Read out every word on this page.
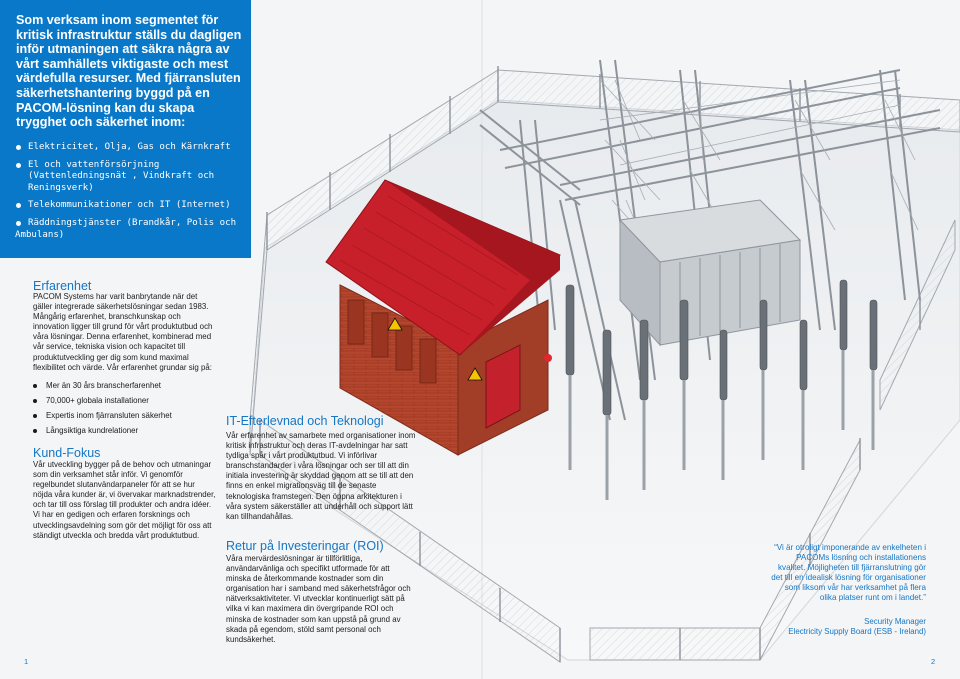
Som verksam inom segmentet för kritisk infrastruktur ställs du dagligen inför utmaningen att säkra några av vårt samhällets viktigaste och mest värdefulla resurser. Med fjärransluten säkerhetshantering byggd på en PACOM-lösning kan du skapa trygghet och säkerhet inom:

Elektricitet, Olja, Gas och Kärnkraft
El och vattenförsörjning (Vattenledningsnät , Vindkraft och Reningsverk)
Telekommunikationer och IT (Internet)
Räddningstjänster (Brandkår, Polis och Ambulans)
Erfarenhet

PACOM Systems har varit banbrytande när det gäller integrerade säkerhetslösningar sedan 1983. Mångårig erfarenhet, branschkunskap och innovation ligger till grund för vårt produktutbud och våra lösningar. Denna erfarenhet, kombinerad med vår service, tekniska vision och kapacitet till produktutveckling ger dig som kund maximal flexibilitet och värde. Vår erfarenhet grundar sig på:

Mer än 30 års branscherfarenhet
70,000+ globala installationer
Expertis inom fjärransluten säkerhet
Långsiktiga kundrelationer
Kund-Fokus

Vår utveckling bygger på de behov och utmaningar som din verksamhet står inför. Vi genomför regelbundet slutanvändarpaneler för att se hur nöjda våra kunder är, vi övervakar marknadstrender, och tar till oss förslag till produkter och andra idéer. Vi har en gedigen och erfaren forsknings och utvecklingsavdelning som gör det möjligt för oss att ständigt utveckla och bredda vårt produktutbud.

IT-Efterlevnad och Teknologi

Vår erfarenhet av samarbete med organisationer inom kritisk infrastruktur och deras IT-avdelningar har satt tydliga spår i vårt produktutbud. Vi införlivar branschstandarder i våra lösningar och ser till att din initiala investering är skyddad genom att se till att den finns en enkel migrationsväg till de senaste teknologiska framstegen. Den öppna arkitekturen i våra system säkerställer att underhåll och support lätt kan tillhandahållas.

Retur på Investeringar (ROI)

Våra mervärdeslösningar är tillförlitliga, användarvänliga och specifikt utformade för att minska de återkommande kostnader som din organisation har i samband med säkerhetsfrågor och nätverksaktiviteter. Vi utvecklar kontinuerligt sätt på vilka vi kan maximera din övergripande ROI och minska de kostnader som kan uppstå på grund av skada på egendom, stöld samt personal och kundsäkerhet.

“Vi är otroligt imponerande av enkelheten i PACOMs lösning och installationens kvalitet. Möjligheten till fjärranslutning gör det till en idealisk lösning för organisationer som liksom vår har verksamhet på flera olika platser runt om i landet.”

Security Manager

Electricity Supply Board (ESB - Ireland)

1	2
